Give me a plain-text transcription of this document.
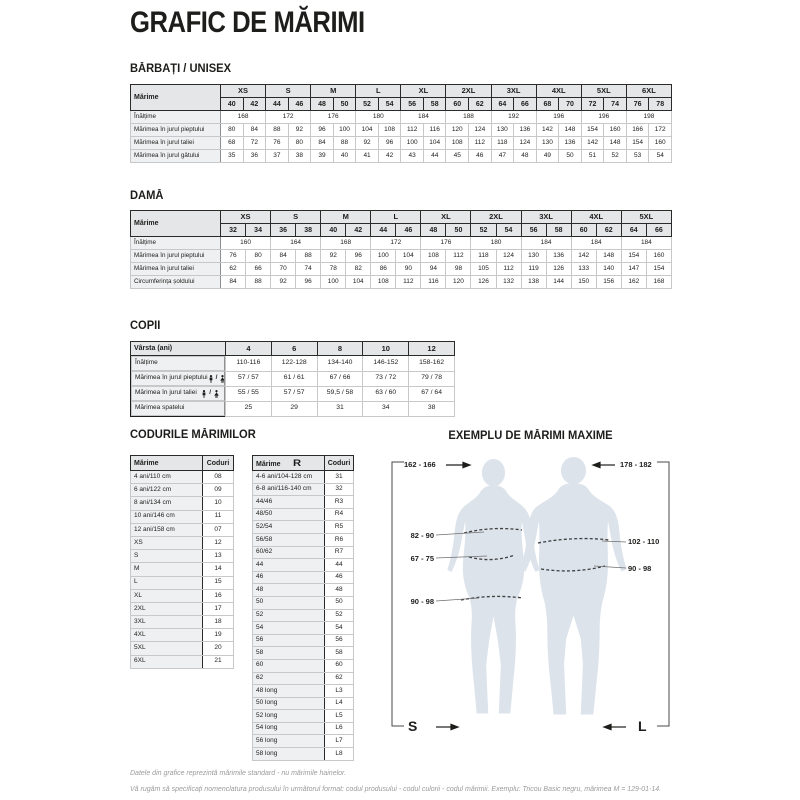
GRAFIC DE MĂRIMI
BĂRBAȚI / UNISEX
Mărime	XS		S		M		L		XL		2XL		3XL		4XL		5XL		6XL	
	40	42	44	46	48	50	52	54	56	58	60	62	64	66	68	70	72	74	76	78
Înălțime	168		172		176		180		184		188		192		196		196		198	
Mărimea în jurul pieptului	80	84	88	92	96	100	104	108	112	116	120	124	130	136	142	148	154	160	166	172
Mărimea în jurul taliei	68	72	76	80	84	88	92	96	100	104	108	112	118	124	130	136	142	148	154	160
Mărimea în jurul gâtului	35	36	37	38	39	40	41	42	43	44	45	46	47	48	49	50	51	52	53	54
DAMĂ
Mărime	XS		S		M		L		XL		2XL		3XL		4XL		5XL	
	32	34	36	38	40	42	44	46	48	50	52	54	56	58	60	62	64	66
Înălțime	160		164		168		172		176		180		184		184		184	
Mărimea în jurul pieptului	76	80	84	88	92	96	100	104	108	112	118	124	130	136	142	148	154	160
Mărimea în jurul taliei	62	66	70	74	78	82	86	90	94	98	105	112	119	126	133	140	147	154
Circumferința șoldului	84	88	92	96	100	104	108	112	116	120	126	132	138	144	150	156	162	168
COPII
Vârsta (ani)	4	6	8	10	12

Înălțime	110-116	122-128	134-140	146-152	158-162

Mărimea în jurul pieptului /	57 / 57	61 / 61	67 / 66	73 / 72	79 / 78

Mărimea în jurul taliei /	55 / 55	57 / 57	59,5 / 58	63 / 60	67 / 64

Mărimea spatelui	25	29	31	34	38
CODURILE MĂRIMILOR
Mărime	Coduri
4 ani/110 cm	08
6 ani/122 cm	09
8 ani/134 cm	10
10 ani/146 cm	11
12 ani/158 cm	07
XS	12
S	13
M	14
L	15
XL	16
2XL	17
3XL	18
4XL	19
5XL	20
6XL	21
Mărime R	Coduri
4-6 ani/104-128 cm	31
6-8 ani/116-140 cm	32
44/46	R3
48/50	R4
52/54	R5
56/58	R6
60/62	R7
44	44
46	46
48	48
50	50
52	52
54	54
56	56
58	58
60	60
62	62
48 long	L3
50 long	L4
52 long	L5
54 long	L6
56 long	L7
58 long	L8
EXEMPLU DE MĂRIMI MAXIME
162 - 166	178 - 182
82 - 90
67 - 75
90 - 98
102 - 110
90 - 98
S	L
Datele din grafice reprezintă mărimile standard - nu mărimile hainelor.
Vă rugăm să specificați nomenclatura produsului în următorul format: codul produsului - codul culorii - codul mărimii. Exemplu: Tricou Basic negru, mărimea M = 129-01-14.
